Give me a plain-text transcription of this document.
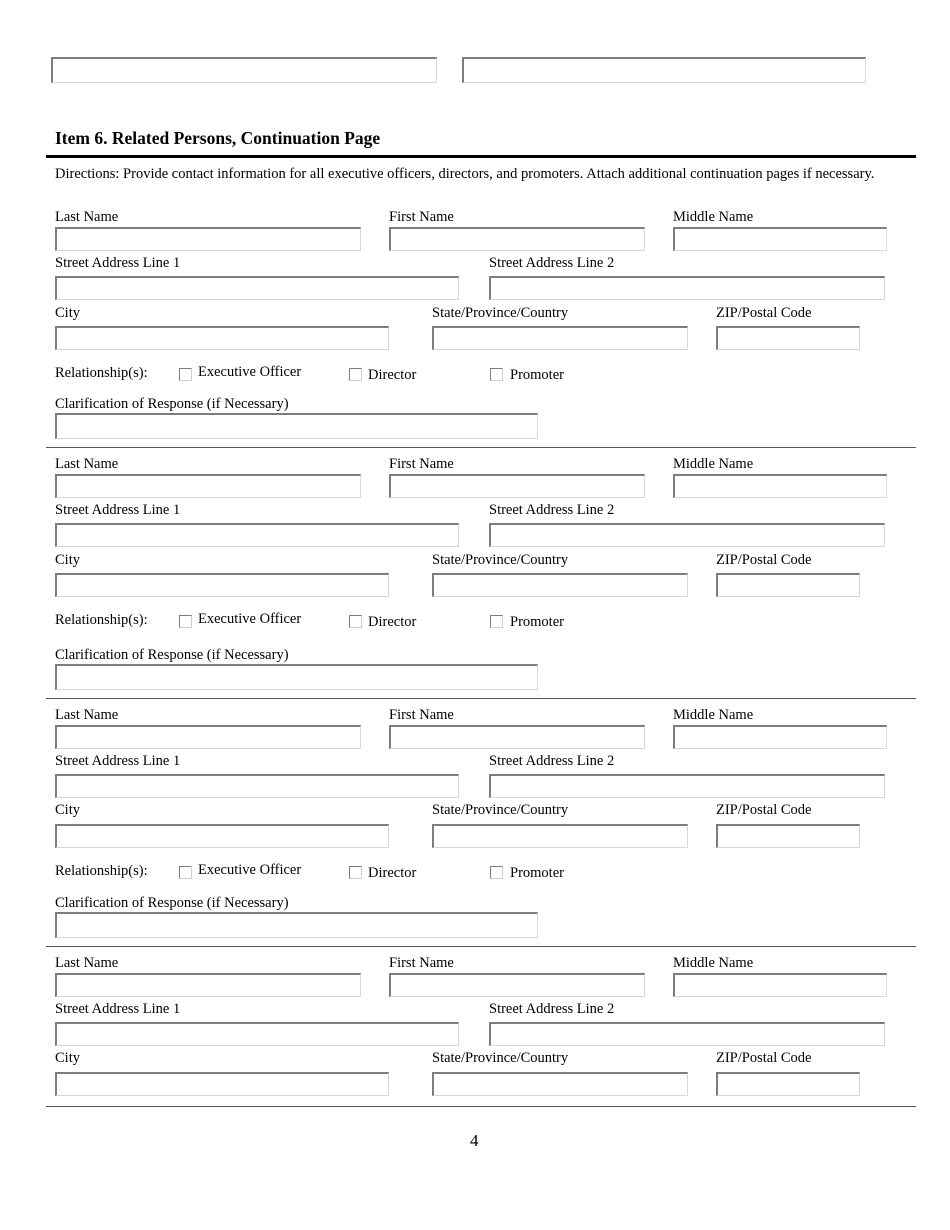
Item 6. Related Persons, Continuation Page
Directions: Provide contact information for all executive officers, directors, and promoters. Attach additional continuation pages if necessary.
Last Name	First Name	Middle Name
Street Address Line 1	Street Address Line 2
City	State/Province/Country	ZIP/Postal Code
Relationship(s):	Executive Officer	Director	Promoter
Clarification of Response (if Necessary)
Last Name	First Name	Middle Name
Street Address Line 1	Street Address Line 2
City	State/Province/Country	ZIP/Postal Code
Relationship(s):	Executive Officer	Director	Promoter
Clarification of Response (if Necessary)
Last Name	First Name	Middle Name
Street Address Line 1	Street Address Line 2
City	State/Province/Country	ZIP/Postal Code
Relationship(s):	Executive Officer	Director	Promoter
Clarification of Response (if Necessary)
Last Name	First Name	Middle Name
Street Address Line 1	Street Address Line 2
City	State/Province/Country	ZIP/Postal Code
4
